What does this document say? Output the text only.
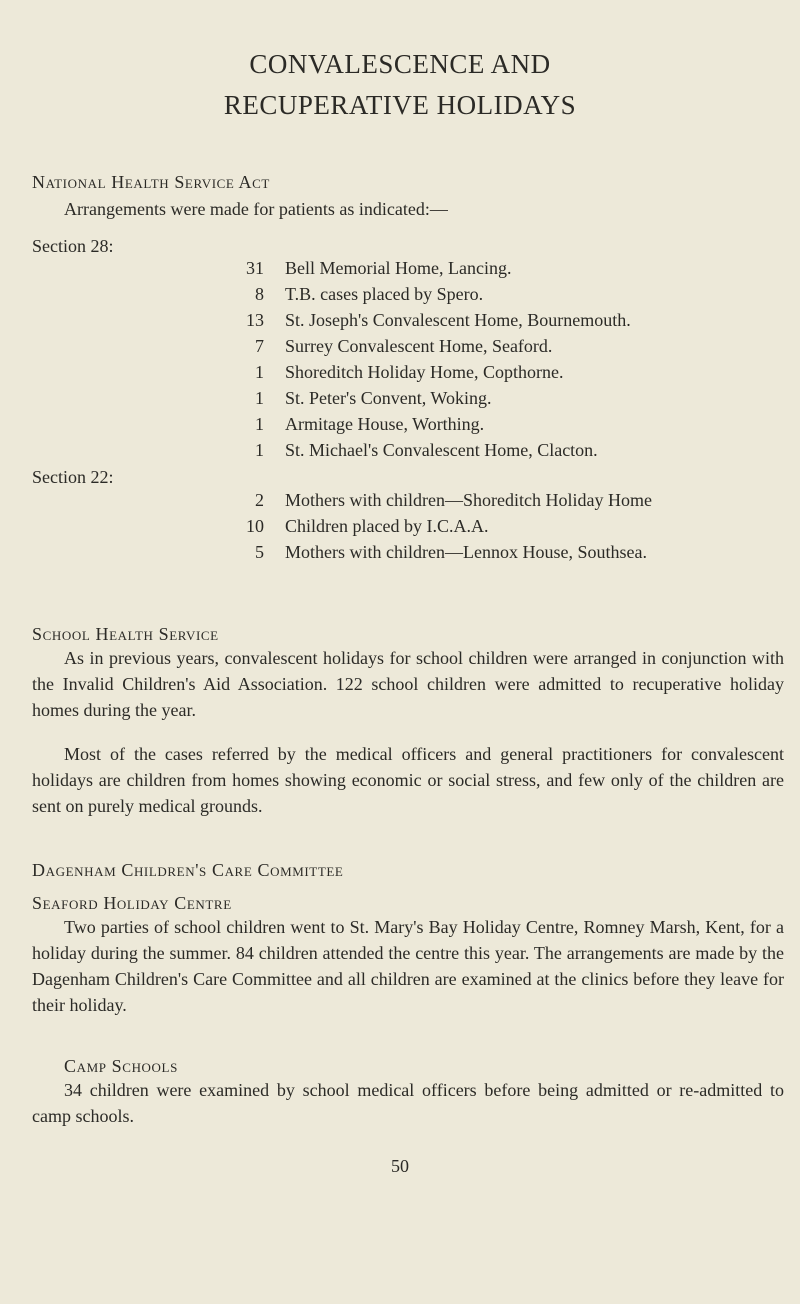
CONVALESCENCE AND
RECUPERATIVE HOLIDAYS
National Health Service Act
Arrangements were made for patients as indicated:—
Section 28:
31 Bell Memorial Home, Lancing.
8 T.B. cases placed by Spero.
13 St. Joseph's Convalescent Home, Bournemouth.
7 Surrey Convalescent Home, Seaford.
1 Shoreditch Holiday Home, Copthorne.
1 St. Peter's Convent, Woking.
1 Armitage House, Worthing.
1 St. Michael's Convalescent Home, Clacton.
Section 22:
2 Mothers with children—Shoreditch Holiday Home
10 Children placed by I.C.A.A.
5 Mothers with children—Lennox House, Southsea.
School Health Service
As in previous years, convalescent holidays for school children were arranged in conjunction with the Invalid Children's Aid Association. 122 school children were admitted to recuperative holiday homes during the year.
Most of the cases referred by the medical officers and general practitioners for convalescent holidays are children from homes showing economic or social stress, and few only of the children are sent on purely medical grounds.
Dagenham Children's Care Committee
Seaford Holiday Centre
Two parties of school children went to St. Mary's Bay Holiday Centre, Romney Marsh, Kent, for a holiday during the summer. 84 children attended the centre this year. The arrangements are made by the Dagenham Children's Care Committee and all children are examined at the clinics before they leave for their holiday.
Camp Schools
34 children were examined by school medical officers before being admitted or re-admitted to camp schools.
50
